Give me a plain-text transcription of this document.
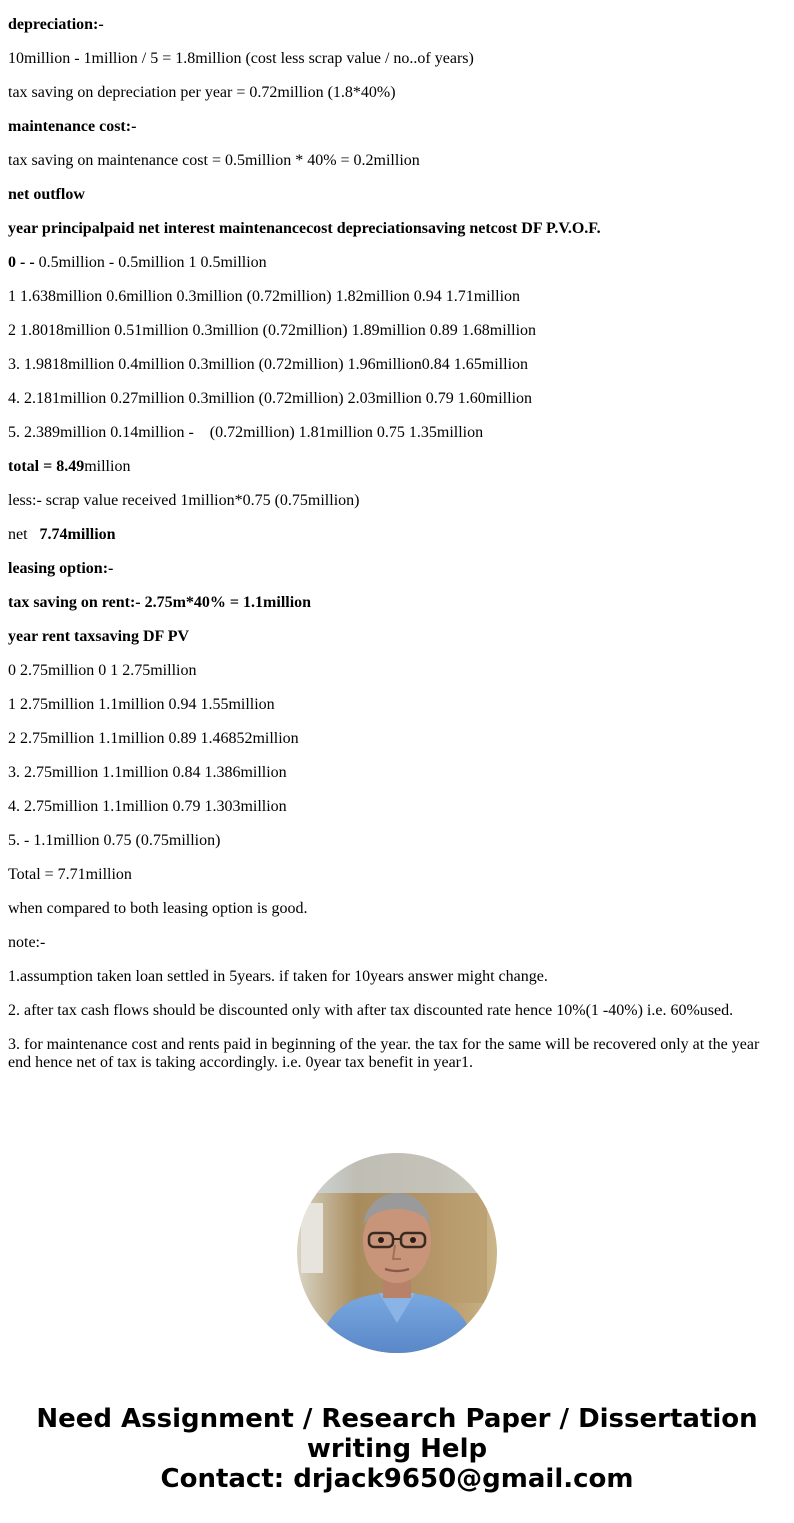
depreciation:-

10million - 1million / 5 = 1.8million (cost less scrap value / no..of years)

tax saving on depreciation per year = 0.72million (1.8*40%)

maintenance cost:-

tax saving on maintenance cost = 0.5million * 40% = 0.2million

net outflow

year principalpaid net interest maintenancecost depreciationsaving netcost DF P.V.O.F.

0 - - 0.5million - 0.5million 1 0.5million

1 1.638million 0.6million 0.3million (0.72million) 1.82million 0.94 1.71million

2 1.8018million 0.51million 0.3million (0.72million) 1.89million 0.89 1.68million

3. 1.9818million 0.4million 0.3million (0.72million) 1.96million0.84 1.65million

4. 2.181million 0.27million 0.3million (0.72million) 2.03million 0.79 1.60million

5. 2.389million 0.14million -    (0.72million) 1.81million 0.75 1.35million

total = 8.49million

less:- scrap value received 1million*0.75 (0.75million)

net   7.74million

leasing option:-

tax saving on rent:- 2.75m*40% = 1.1million

year rent taxsaving DF PV

0 2.75million 0 1 2.75million

1 2.75million 1.1million 0.94 1.55million

2 2.75million 1.1million 0.89 1.46852million

3. 2.75million 1.1million 0.84 1.386million

4. 2.75million 1.1million 0.79 1.303million

5. - 1.1million 0.75 (0.75million)

Total = 7.71million

when compared to both leasing option is good.

note:-

1.assumption taken loan settled in 5years. if taken for 10years answer might change.

2. after tax cash flows should be discounted only with after tax discounted rate hence 10%(1 -40%) i.e. 60%used.

3. for maintenance cost and rents paid in beginning of the year. the tax for the same will be recovered only at the year end hence net of tax is taking accordingly. i.e. 0year tax benefit in year1.

Need Assignment / Research Paper / Dissertation
writing Help
Contact: drjack9650@gmail.com
